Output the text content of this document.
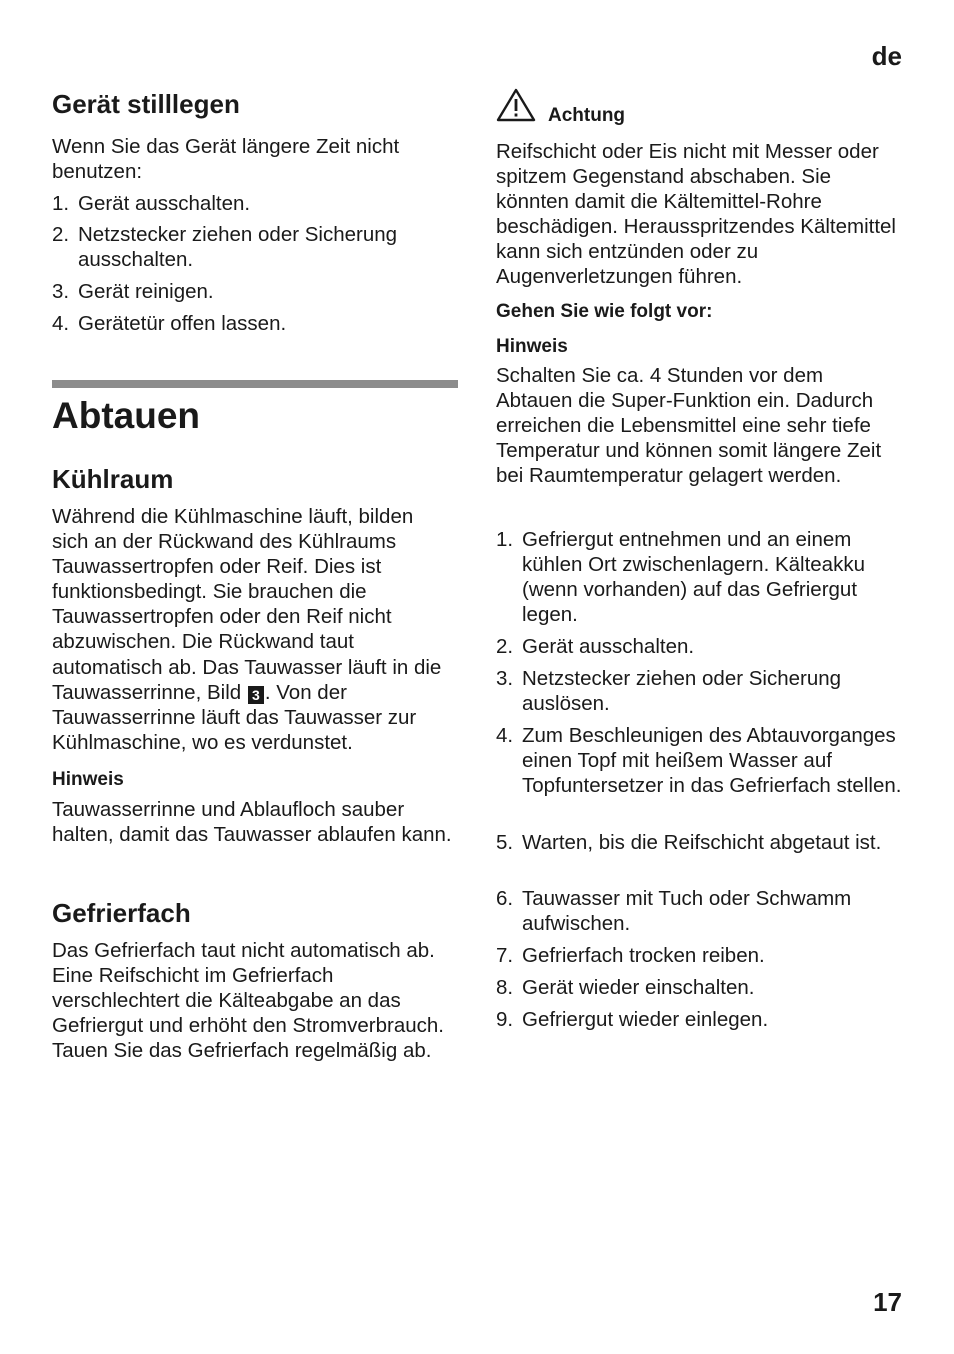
de
Gerät stilllegen

Wenn Sie das Gerät längere Zeit nicht benutzen:

1. Gerät ausschalten.
2. Netzstecker ziehen oder Sicherung ausschalten.
3. Gerät reinigen.
4. Gerätetür offen lassen.
Abtauen
Kühlraum

Während die Kühlmaschine läuft, bilden sich an der Rückwand des Kühlraums Tauwassertropfen oder Reif. Dies ist funktionsbedingt. Sie brauchen die Tauwassertropfen oder den Reif nicht abzuwischen. Die Rückwand taut automatisch ab. Das Tauwasser läuft in die Tauwasserrinne, Bild 3 . Von der Tauwasserrinne läuft das Tauwasser zur Kühlmaschine, wo es verdunstet.

Hinweis

Tauwasserrinne und Ablaufloch sauber halten, damit das Tauwasser ablaufen kann.

Gefrierfach

Das Gefrierfach taut nicht automatisch ab. Eine Reifschicht im Gefrierfach verschlechtert die Kälteabgabe an das Gefriergut und erhöht den Stromverbrauch. Tauen Sie das Gefrierfach regelmäßig ab.

Achtung

Reifschicht oder Eis nicht mit Messer oder spitzem Gegenstand abschaben. Sie könnten damit die Kältemittel-Rohre beschädigen. Herausspritzendes Kältemittel kann sich entzünden oder zu Augenverletzungen führen.

Gehen Sie wie folgt vor:
Hinweis

Schalten Sie ca. 4 Stunden vor dem Abtauen die Super-Funktion ein. Dadurch erreichen die Lebensmittel eine sehr tiefe Temperatur und können somit längere Zeit bei Raumtemperatur gelagert werden.

1. Gefriergut entnehmen und an einem kühlen Ort zwischenlagern. Kälteakku (wenn vorhanden) auf das Gefriergut legen.
2. Gerät ausschalten.
3. Netzstecker ziehen oder Sicherung auslösen.
4. Zum Beschleunigen des Abtauvorganges einen Topf mit heißem Wasser auf Topfuntersetzer in das Gefrierfach stellen.
5. Warten, bis die Reifschicht abgetaut ist.
6. Tauwasser mit Tuch oder Schwamm aufwischen.
7. Gefrierfach trocken reiben.
8. Gerät wieder einschalten.
9. Gefriergut wieder einlegen.
17
